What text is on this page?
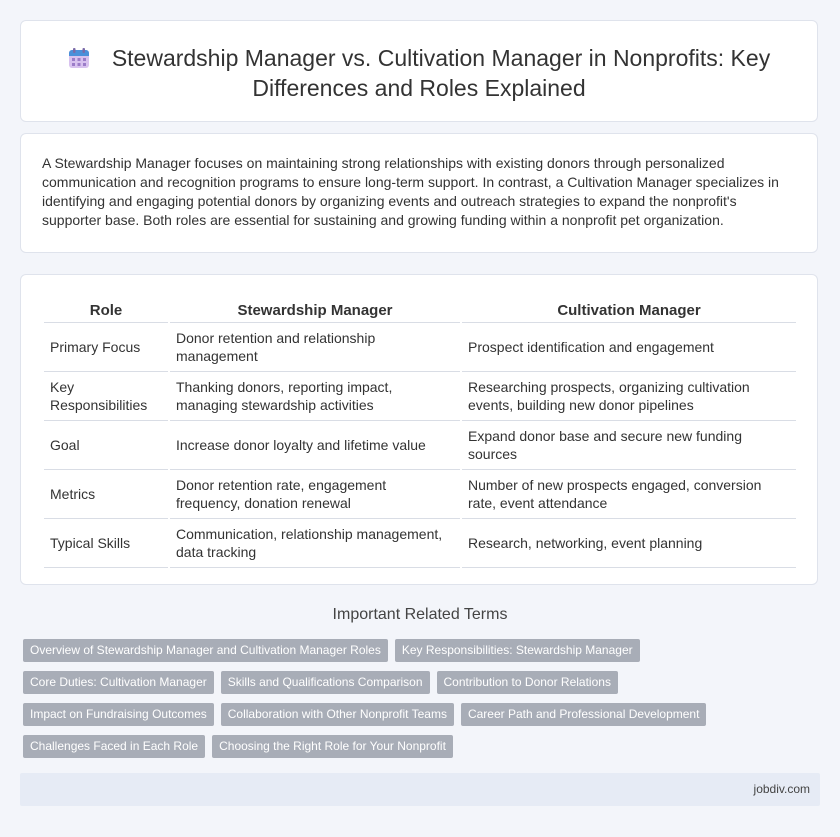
Stewardship Manager vs. Cultivation Manager in Nonprofits: Key Differences and Roles Explained
A Stewardship Manager focuses on maintaining strong relationships with existing donors through personalized communication and recognition programs to ensure long-term support. In contrast, a Cultivation Manager specializes in identifying and engaging potential donors by organizing events and outreach strategies to expand the nonprofit's supporter base. Both roles are essential for sustaining and growing funding within a nonprofit pet organization.
Role	Stewardship Manager	Cultivation Manager
Primary Focus	Donor retention and relationship management	Prospect identification and engagement
Key Responsibilities	Thanking donors, reporting impact, managing stewardship activities	Researching prospects, organizing cultivation events, building new donor pipelines
Goal	Increase donor loyalty and lifetime value	Expand donor base and secure new funding sources
Metrics	Donor retention rate, engagement frequency, donation renewal	Number of new prospects engaged, conversion rate, event attendance
Typical Skills	Communication, relationship management, data tracking	Research, networking, event planning
Important Related Terms
Overview of Stewardship Manager and Cultivation Manager Roles	Key Responsibilities: Stewardship Manager
Core Duties: Cultivation Manager	Skills and Qualifications Comparison	Contribution to Donor Relations
Impact on Fundraising Outcomes	Collaboration with Other Nonprofit Teams	Career Path and Professional Development
Challenges Faced in Each Role	Choosing the Right Role for Your Nonprofit
jobdiv.com
